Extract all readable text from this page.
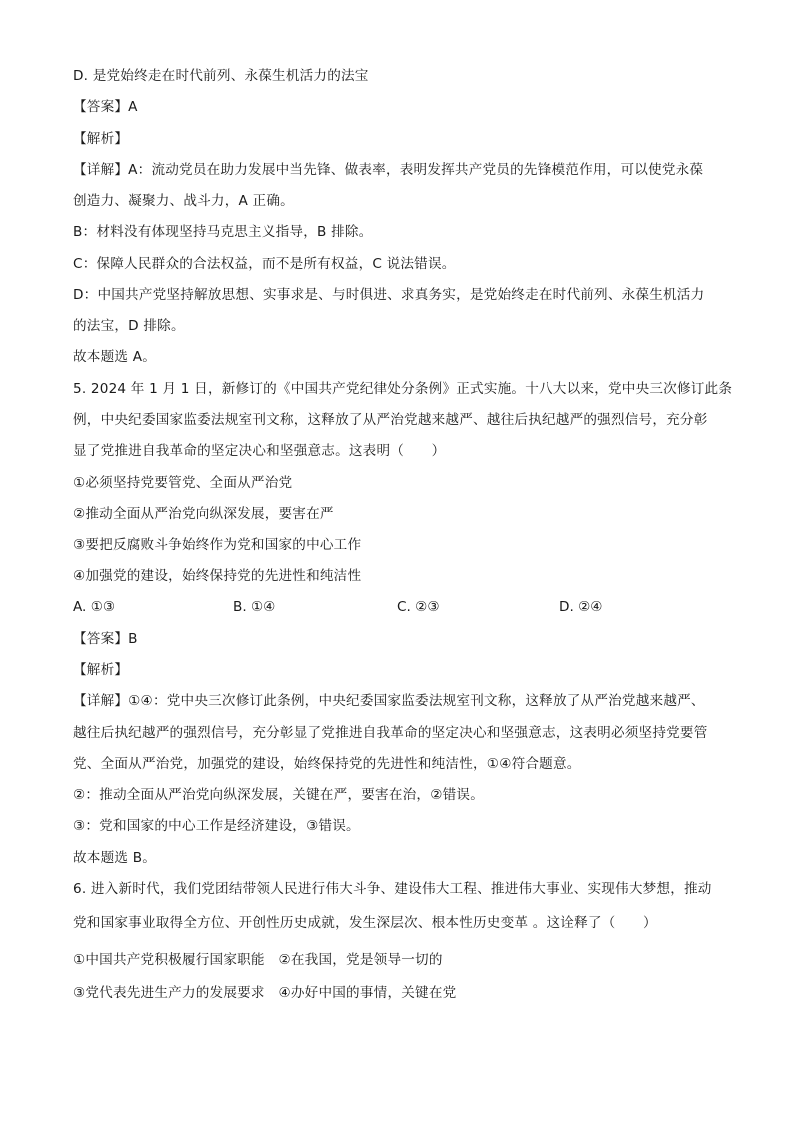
D. 是党始终走在时代前列、永葆生机活力的法宝
【答案】A
【解析】
【详解】A：流动党员在助力发展中当先锋、做表率，表明发挥共产党员的先锋模范作用，可以使党永葆
创造力、凝聚力、战斗力，A 正确。
B：材料没有体现坚持马克思主义指导，B 排除。
C：保障人民群众的合法权益，而不是所有权益，C 说法错误。
D：中国共产党坚持解放思想、实事求是、与时俱进、求真务实，是党始终走在时代前列、永葆生机活力
的法宝，D 排除。
故本题选 A。
5. 2024 年 1 月 1 日，新修订的《中国共产党纪律处分条例》正式实施。十八大以来，党中央三次修订此条
例，中央纪委国家监委法规室刊文称，这释放了从严治党越来越严、越往后执纪越严的强烈信号，充分彰
显了党推进自我革命的坚定决心和坚强意志。这表明（　　）
①必须坚持党要管党、全面从严治党
②推动全面从严治党向纵深发展，要害在严
③要把反腐败斗争始终作为党和国家的中心工作
④加强党的建设，始终保持党的先进性和纯洁性
A. ①③	B. ①④	C. ②③	D. ②④
【答案】B
【解析】
【详解】①④：党中央三次修订此条例，中央纪委国家监委法规室刊文称，这释放了从严治党越来越严、
越往后执纪越严的强烈信号，充分彰显了党推进自我革命的坚定决心和坚强意志，这表明必须坚持党要管
党、全面从严治党，加强党的建设，始终保持党的先进性和纯洁性，①④符合题意。
②：推动全面从严治党向纵深发展，关键在严，要害在治，②错误。
③：党和国家的中心工作是经济建设，③错误。
故本题选 B。
6. 进入新时代，我们党团结带领人民进行伟大斗争、建设伟大工程、推进伟大事业、实现伟大梦想，推动
党和国家事业取得全方位、开创性历史成就，发生深层次、根本性历史变革 。这诠释了（　　）
①中国共产党积极履行国家职能　②在我国，党是领导一切的
③党代表先进生产力的发展要求　④办好中国的事情，关键在党
